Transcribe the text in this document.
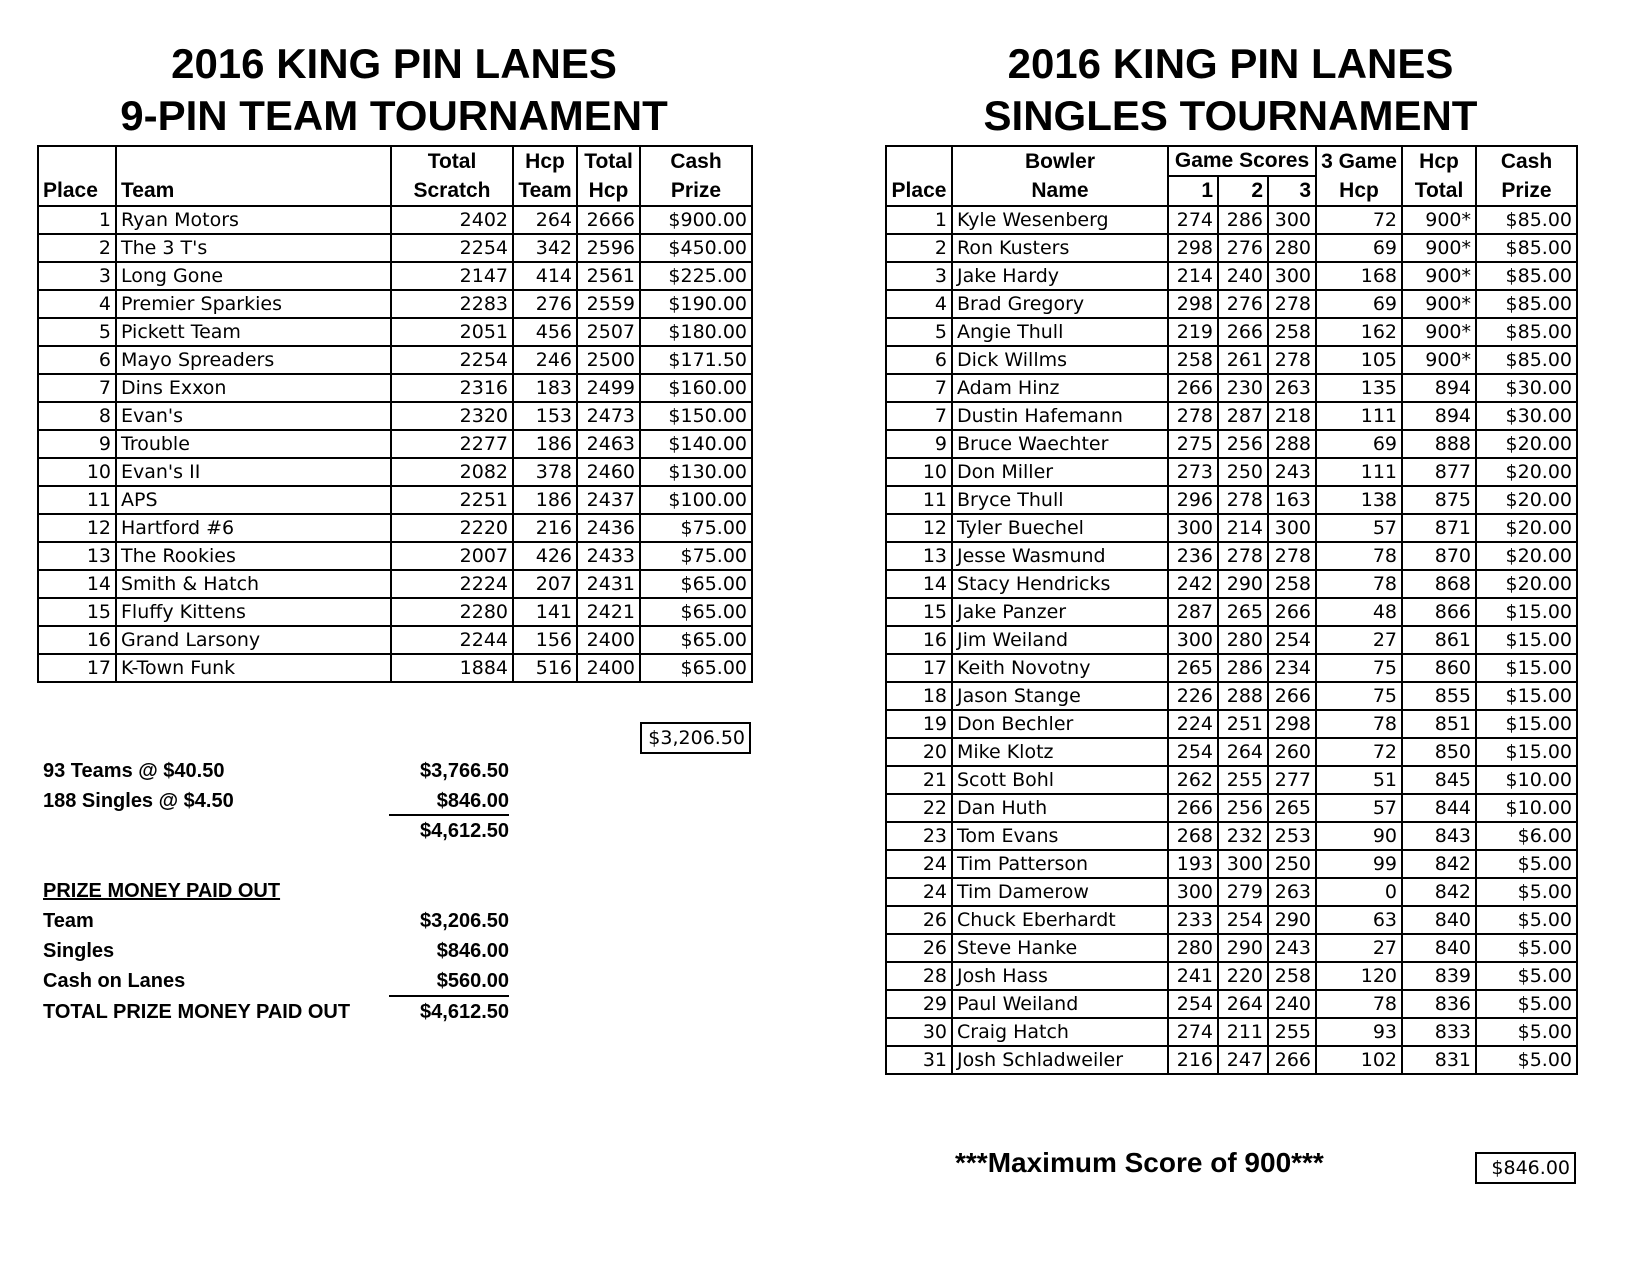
2016 KING PIN LANES
9-PIN TEAM TOURNAMENT
		Total	Hcp	Total	Cash
Place	Team	Scratch	Team	Hcp	Prize
1	Ryan Motors	2402	264	2666	$900.00
2	The 3 T's	2254	342	2596	$450.00
3	Long Gone	2147	414	2561	$225.00
4	Premier Sparkies	2283	276	2559	$190.00
5	Pickett Team	2051	456	2507	$180.00
6	Mayo Spreaders	2254	246	2500	$171.50
7	Dins Exxon	2316	183	2499	$160.00
8	Evan's	2320	153	2473	$150.00
9	Trouble	2277	186	2463	$140.00
10	Evan's II	2082	378	2460	$130.00
11	APS	2251	186	2437	$100.00
12	Hartford #6	2220	216	2436	$75.00
13	The Rookies	2007	426	2433	$75.00
14	Smith & Hatch	2224	207	2431	$65.00
15	Fluffy Kittens	2280	141	2421	$65.00
16	Grand Larsony	2244	156	2400	$65.00
17	K-Town Funk	1884	516	2400	$65.00
$3,206.50
93 Teams @ $40.50	$3,766.50
188 Singles @ $4.50	$846.00
$4,612.50
PRIZE MONEY PAID OUT
Team	$3,206.50
Singles	$846.00
Cash on Lanes	$560.00
TOTAL PRIZE MONEY PAID OUT	$4,612.50
2016 KING PIN LANES
SINGLES TOURNAMENT
	Bowler	Game Scores			3 Game	Hcp	Cash
Place	Name	1	2	3	Hcp	Total	Prize
1	Kyle Wesenberg	274	286	300	72	900*	$85.00
2	Ron Kusters	298	276	280	69	900*	$85.00
3	Jake Hardy	214	240	300	168	900*	$85.00
4	Brad Gregory	298	276	278	69	900*	$85.00
5	Angie Thull	219	266	258	162	900*	$85.00
6	Dick Willms	258	261	278	105	900*	$85.00
7	Adam Hinz	266	230	263	135	894	$30.00
7	Dustin Hafemann	278	287	218	111	894	$30.00
9	Bruce Waechter	275	256	288	69	888	$20.00
10	Don Miller	273	250	243	111	877	$20.00
11	Bryce Thull	296	278	163	138	875	$20.00
12	Tyler Buechel	300	214	300	57	871	$20.00
13	Jesse Wasmund	236	278	278	78	870	$20.00
14	Stacy Hendricks	242	290	258	78	868	$20.00
15	Jake Panzer	287	265	266	48	866	$15.00
16	Jim Weiland	300	280	254	27	861	$15.00
17	Keith Novotny	265	286	234	75	860	$15.00
18	Jason Stange	226	288	266	75	855	$15.00
19	Don Bechler	224	251	298	78	851	$15.00
20	Mike Klotz	254	264	260	72	850	$15.00
21	Scott Bohl	262	255	277	51	845	$10.00
22	Dan Huth	266	256	265	57	844	$10.00
23	Tom Evans	268	232	253	90	843	$6.00
24	Tim Patterson	193	300	250	99	842	$5.00
24	Tim Damerow	300	279	263	0	842	$5.00
26	Chuck Eberhardt	233	254	290	63	840	$5.00
26	Steve Hanke	280	290	243	27	840	$5.00
28	Josh Hass	241	220	258	120	839	$5.00
29	Paul Weiland	254	264	240	78	836	$5.00
30	Craig Hatch	274	211	255	93	833	$5.00
31	Josh Schladweiler	216	247	266	102	831	$5.00
***Maximum Score of 900***	$846.00
